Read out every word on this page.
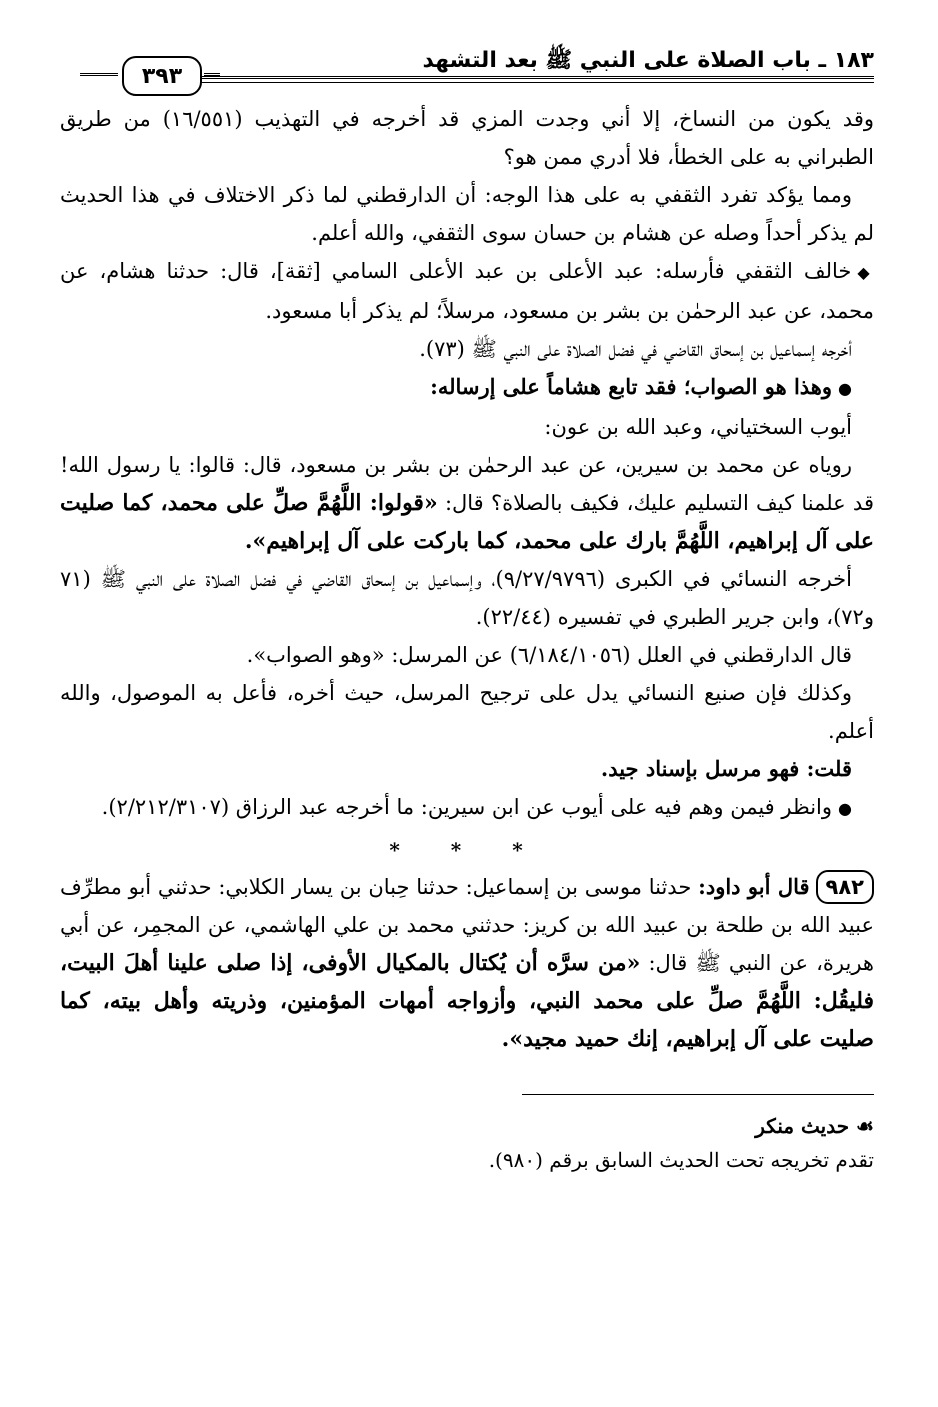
١٨٣ ـ باب الصلاة على النبي ﷺ بعد التشهد
٣٩٣

وقد يكون من النساخ، إلا أني وجدت المزي قد أخرجه في التهذيب (١٦/٥٥١) من طريق الطبراني به على الخطأ، فلا أدري ممن هو؟

ومما يؤكد تفرد الثقفي به على هذا الوجه: أن الدارقطني لما ذكر الاختلاف في هذا الحديث لم يذكر أحداً وصله عن هشام بن حسان سوى الثقفي، والله أعلم.

◆خالف الثقفي فأرسله: عبد الأعلى بن عبد الأعلى السامي [ثقة]، قال: حدثنا هشام، عن محمد، عن عبد الرحمٰن بن بشر بن مسعود، مرسلاً؛ لم يذكر أبا مسعود.

أخرجه إسماعيل بن إسحاق القاضي في فضل الصلاة على النبي ﷺ (٧٣).

●وهذا هو الصواب؛ فقد تابع هشاماً على إرساله:

أيوب السختياني، وعبد الله بن عون:

روياه عن محمد بن سيرين، عن عبد الرحمٰن بن بشر بن مسعود، قال: قالوا: يا رسول الله! قد علمنا كيف التسليم عليك، فكيف بالصلاة؟ قال: «قولوا: اللَّهُمَّ صلِّ على محمد، كما صليت على آل إبراهيم، اللَّهُمَّ بارك على محمد، كما باركت على آل إبراهيم».

أخرجه النسائي في الكبرى (٩/٢٧/٩٧٩٦)، وإسماعيل بن إسحاق القاضي في فضل الصلاة على النبي ﷺ (٧١ و٧٢)، وابن جرير الطبري في تفسيره (٢٢/٤٤).

قال الدارقطني في العلل (٦/١٨٤/١٠٥٦) عن المرسل: «وهو الصواب».

وكذلك فإن صنيع النسائي يدل على ترجيح المرسل، حيث أخره، فأعل به الموصول، والله أعلم.

قلت: فهو مرسل بإسناد جيد.

●وانظر فيمن وهم فيه على أيوب عن ابن سيرين: ما أخرجه عبد الرزاق (٢/٢١٢/٣١٠٧).

* * *

٩٨٢قال أبو داود: حدثنا موسى بن إسماعيل: حدثنا حِبان بن يسار الكلابي: حدثني أبو مطرِّف عبيد الله بن طلحة بن عبيد الله بن كريز: حدثني محمد بن علي الهاشمي، عن المجمِر، عن أبي هريرة، عن النبي ﷺ قال: «من سرَّه أن يُكتال بالمكيال الأوفى، إذا صلى علينا أهلَ البيت، فليقُل: اللَّهُمَّ صلِّ على محمد النبي، وأزواجه أمهات المؤمنين، وذريته وأهل بيته، كما صليت على آل إبراهيم، إنك حميد مجيد».

☙ حديث منكر

تقدم تخريجه تحت الحديث السابق برقم (٩٨٠).
